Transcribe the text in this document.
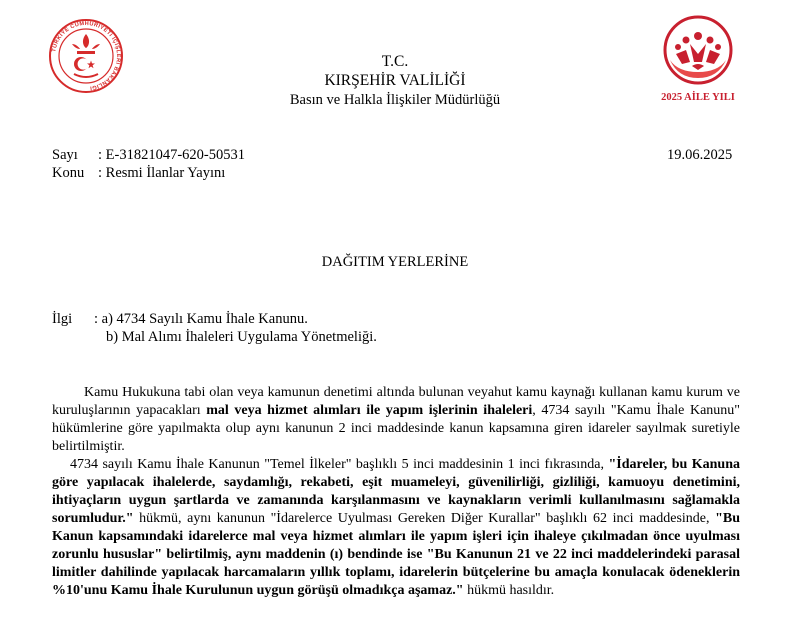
TÜRKİYE CUMHURİYETİ İÇİŞLERİ BAKANLIĞI
2025 AİLE YILI
T.C.
KIRŞEHİR VALİLİĞİ
Basın ve Halkla İlişkiler Müdürlüğü
Sayı : E-31821047-620-50531	19.06.2025
Konu : Resmi İlanlar Yayını
DAĞITIM YERLERİNE
İlgi : a) 4734 Sayılı Kamu İhale Kanunu.
b) Mal Alımı İhaleleri Uygulama Yönetmeliği.

Kamu Hukukuna tabi olan veya kamunun denetimi altında bulunan veyahut kamu kaynağı kullanan kamu kurum ve kuruluşlarının yapacakları mal veya hizmet alımları ile yapım işlerinin ihaleleri, 4734 sayılı "Kamu İhale Kanunu" hükümlerine göre yapılmakta olup aynı kanunun 2 inci maddesinde kanun kapsamına giren idareler sayılmak suretiyle belirtilmiştir.

4734 sayılı Kamu İhale Kanunun "Temel İlkeler" başlıklı 5 inci maddesinin 1 inci fıkrasında, "İdareler, bu Kanuna göre yapılacak ihalelerde, saydamlığı, rekabeti, eşit muameleyi, güvenilirliği, gizliliği, kamuoyu denetimini, ihtiyaçların uygun şartlarda ve zamanında karşılanmasını ve kaynakların verimli kullanılmasını sağlamakla sorumludur." hükmü, aynı kanunun "İdarelerce Uyulması Gereken Diğer Kurallar" başlıklı 62 inci maddesinde, "Bu Kanun kapsamındaki idarelerce mal veya hizmet alımları ile yapım işleri için ihaleye çıkılmadan önce uyulması zorunlu hususlar" belirtilmiş, aynı maddenin (ı) bendinde ise "Bu Kanunun 21 ve 22 inci maddelerindeki parasal limitler dahilinde yapılacak harcamaların yıllık toplamı, idarelerin bütçelerine bu amaçla konulacak ödeneklerin %10'unu Kamu İhale Kurulunun uygun görüşü olmadıkça aşamaz." hükmü hasıldır.
